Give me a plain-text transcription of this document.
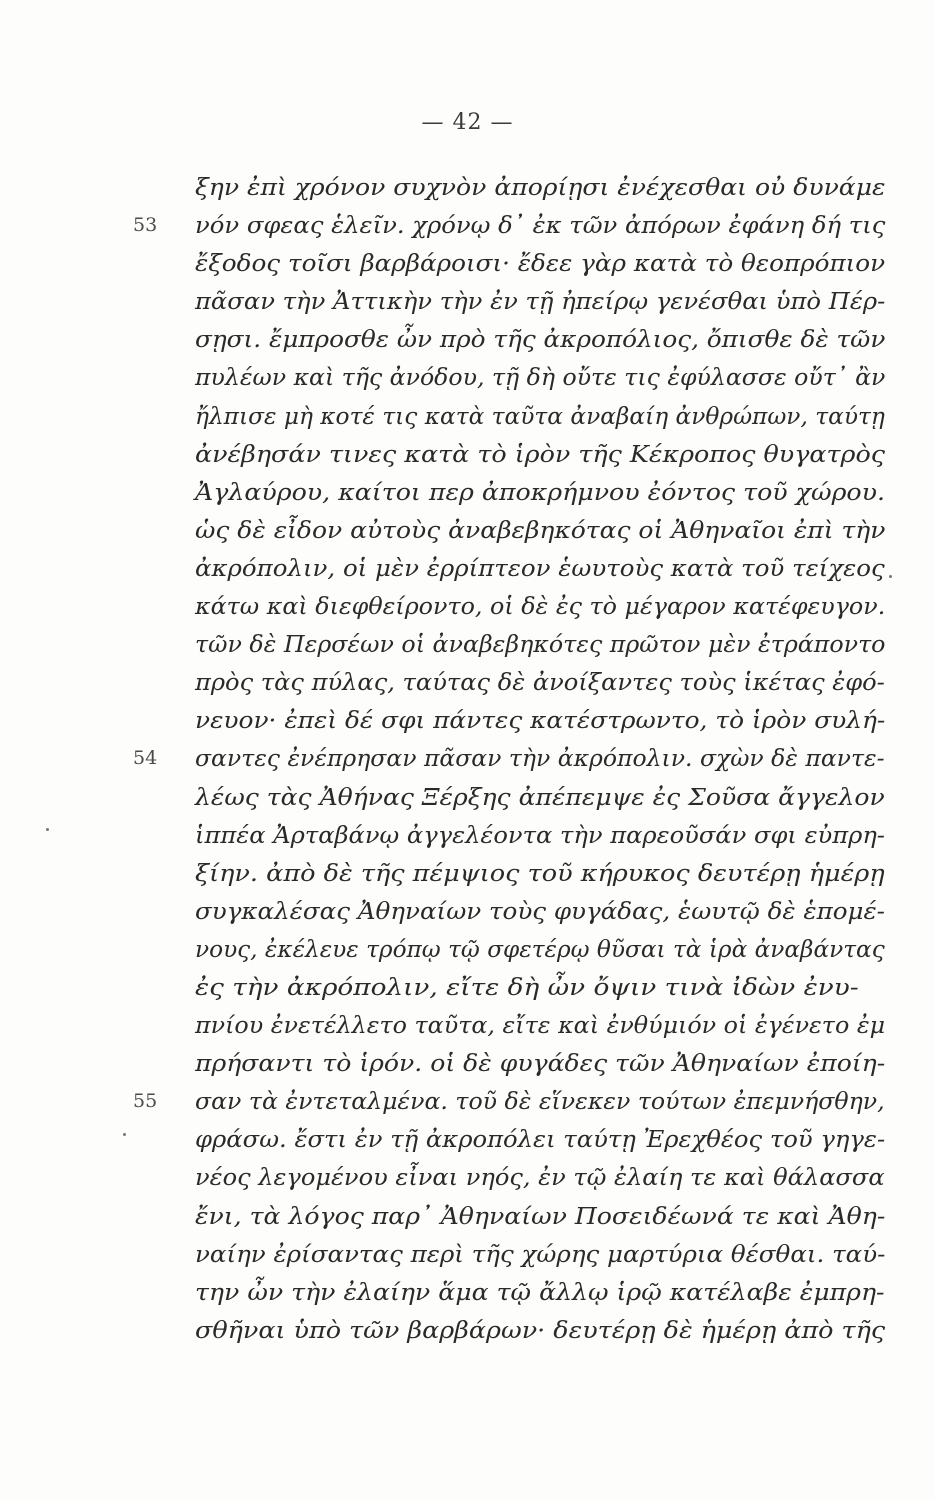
— 42 —
ξην ἐπὶ χρόνον συχνὸν ἀπορίῃσι ἐνέχεσθαι οὐ δυνάμε
53 νόν σφεας ἑλεῖν. χρόνῳ δ᾽ ἐκ τῶν ἀπόρων ἐφάνη δή τις
ἔξοδος τοῖσι βαρβάροισι· ἔδεε γὰρ κατὰ τὸ θεοπρόπιον
πᾶσαν τὴν Ἀττικὴν τὴν ἐν τῇ ἠπείρῳ γενέσθαι ὑπὸ Πέρ-
σῃσι. ἔμπροσθε ὦν πρὸ τῆς ἀκροπόλιος, ὄπισθε δὲ τῶν
πυλέων καὶ τῆς ἀνόδου, τῇ δὴ οὔτε τις ἐφύλασσε οὔτ᾽ ἂν
ἤλπισε μὴ κοτέ τις κατὰ ταῦτα ἀναβαίη ἀνθρώπων, ταύτῃ
ἀνέβησάν τινες κατὰ τὸ ἱρὸν τῆς Κέκροπος θυγατρὸς
Ἀγλαύρου, καίτοι περ ἀποκρήμνου ἐόντος τοῦ χώρου.
ὡς δὲ εἶδον αὐτοὺς ἀναβεβηκότας οἱ Ἀθηναῖοι ἐπὶ τὴν
ἀκρόπολιν, οἱ μὲν ἐρρίπτεον ἑωυτοὺς κατὰ τοῦ τείχεος
κάτω καὶ διεφθείροντο, οἱ δὲ ἐς τὸ μέγαρον κατέφευγον.
τῶν δὲ Περσέων οἱ ἀναβεβηκότες πρῶτον μὲν ἐτράποντο
πρὸς τὰς πύλας, ταύτας δὲ ἀνοίξαντες τοὺς ἱκέτας ἐφό-
νευον· ἐπεὶ δέ σφι πάντες κατέστρωντο, τὸ ἱρὸν συλή-
54 σαντες ἐνέπρησαν πᾶσαν τὴν ἀκρόπολιν. σχὼν δὲ παντε-
λέως τὰς Ἀθήνας Ξέρξης ἀπέπεμψε ἐς Σοῦσα ἄγγελον
ἱππέα Ἀρταβάνῳ ἀγγελέοντα τὴν παρεοῦσάν σφι εὐπρη-
ξίην. ἀπὸ δὲ τῆς πέμψιος τοῦ κήρυκος δευτέρῃ ἡμέρῃ
συγκαλέσας Ἀθηναίων τοὺς φυγάδας, ἑωυτῷ δὲ ἑπομέ-
νους, ἐκέλευε τρόπῳ τῷ σφετέρῳ θῦσαι τὰ ἱρὰ ἀναβάντας
ἐς τὴν ἀκρόπολιν, εἴτε δὴ ὦν ὄψιν τινὰ ἰδὼν ἐνυ-
πνίου ἐνετέλλετο ταῦτα, εἴτε καὶ ἐνθύμιόν οἱ ἐγένετο ἐμ
πρήσαντι τὸ ἱρόν. οἱ δὲ φυγάδες τῶν Ἀθηναίων ἐποίη-
55 σαν τὰ ἐντεταλμένα. τοῦ δὲ εἵνεκεν τούτων ἐπεμνήσθην,
φράσω. ἔστι ἐν τῇ ἀκροπόλει ταύτῃ Ἐρεχθέος τοῦ γηγε-
νέος λεγομένου εἶναι νηός, ἐν τῷ ἐλαίη τε καὶ θάλασσα
ἔνι, τὰ λόγος παρ᾽ Ἀθηναίων Ποσειδέωνά τε καὶ Ἀθη-
ναίην ἐρίσαντας περὶ τῆς χώρης μαρτύρια θέσθαι. ταύ-
την ὦν τὴν ἐλαίην ἅμα τῷ ἄλλῳ ἱρῷ κατέλαβε ἐμπρη-
σθῆναι ὑπὸ τῶν βαρβάρων· δευτέρῃ δὲ ἡμέρῃ ἀπὸ τῆς
